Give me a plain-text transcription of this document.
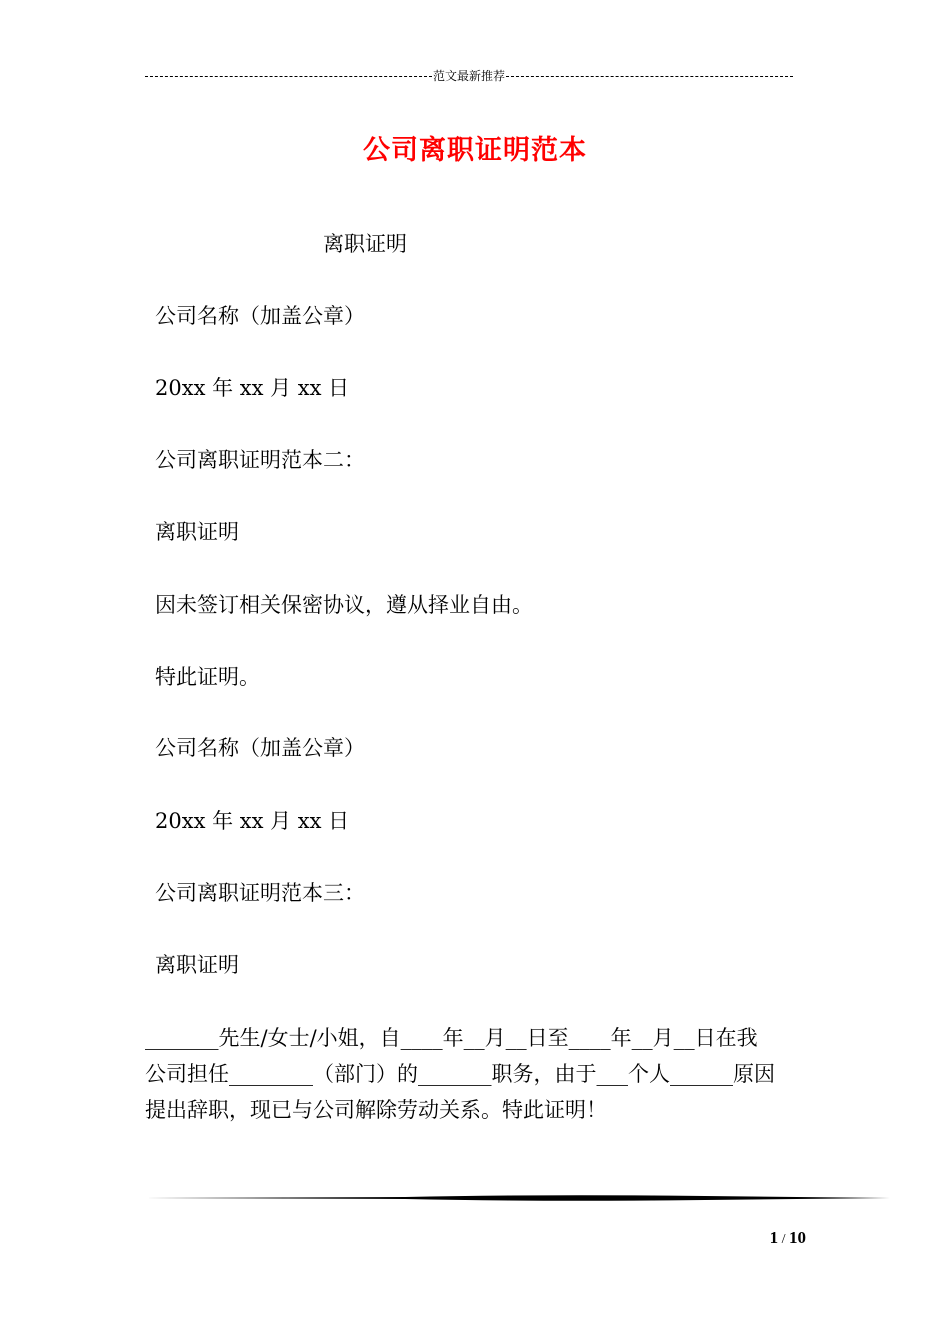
范文最新推荐
公司离职证明范本
离职证明
公司名称（加盖公章）
20xx 年 xx 月 xx 日
公司离职证明范本二：
离职证明
因未签订相关保密协议，遵从择业自由。
特此证明。
公司名称（加盖公章）
20xx 年 xx 月 xx 日
公司离职证明范本三：
离职证明
_______先生/女士/小姐，自____年__月__日至____年__月__日在我
公司担任________（部门）的_______职务，由于___个人______原因
提出辞职，现已与公司解除劳动关系。特此证明！
1 / 10
